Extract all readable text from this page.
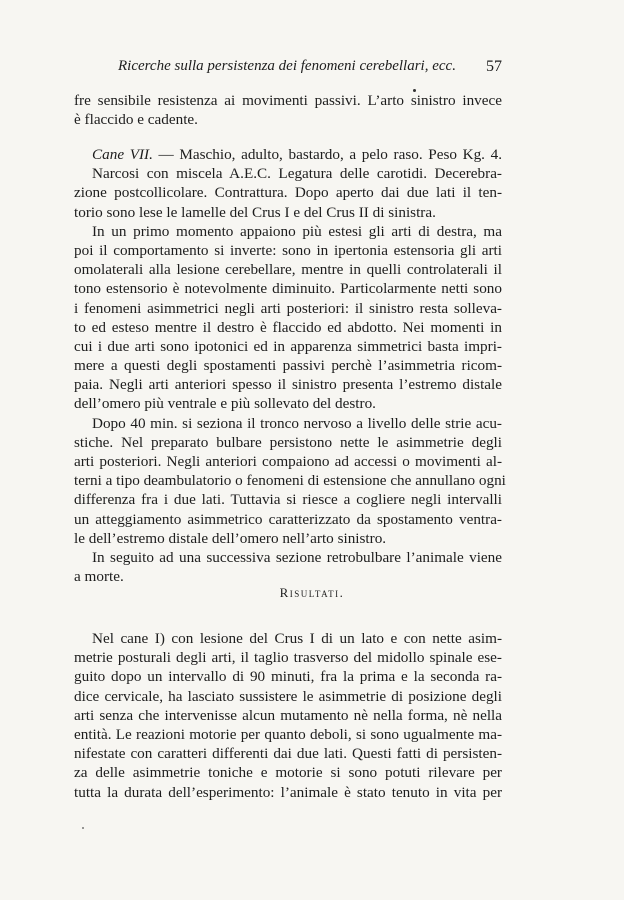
Ricerche sulla persistenza dei fenomeni cerebellari, ecc. 57
fre sensibile resistenza ai movimenti passivi. L’arto sinistro invece
è flaccido e cadente.
Cane VII. — Maschio, adulto, bastardo, a pelo raso. Peso Kg. 4.
Narcosi con miscela A.E.C. Legatura delle carotidi. Decerebra-
zione postcollicolare. Contrattura. Dopo aperto dai due lati il ten-
torio sono lese le lamelle del Crus I e del Crus II di sinistra.
In un primo momento appaiono più estesi gli arti di destra, ma
poi il comportamento si inverte: sono in ipertonia estensoria gli arti
omolaterali alla lesione cerebellare, mentre in quelli controlaterali il
tono estensorio è notevolmente diminuito. Particolarmente netti sono
i fenomeni asimmetrici negli arti posteriori: il sinistro resta solleva-
to ed esteso mentre il destro è flaccido ed abdotto. Nei momenti in
cui i due arti sono ipotonici ed in apparenza simmetrici basta impri-
mere a questi degli spostamenti passivi perchè l’asimmetria ricom-
paia. Negli arti anteriori spesso il sinistro presenta l’estremo distale
dell’omero più ventrale e più sollevato del destro.
Dopo 40 min. si seziona il tronco nervoso a livello delle strie acu-
stiche. Nel preparato bulbare persistono nette le asimmetrie degli
arti posteriori. Negli anteriori compaiono ad accessi o movimenti al-
terni a tipo deambulatorio o fenomeni di estensione che annullano ogni
differenza fra i due lati. Tuttavia si riesce a cogliere negli intervalli
un atteggiamento asimmetrico caratterizzato da spostamento ventra-
le dell’estremo distale dell’omero nell’arto sinistro.
In seguito ad una successiva sezione retrobulbare l’animale viene
a morte.
Risultati.
Nel cane I) con lesione del Crus I di un lato e con nette asim-
metrie posturali degli arti, il taglio trasverso del midollo spinale ese-
guito dopo un intervallo di 90 minuti, fra la prima e la seconda ra-
dice cervicale, ha lasciato sussistere le asimmetrie di posizione degli
arti senza che intervenisse alcun mutamento nè nella forma, nè nella
entità. Le reazioni motorie per quanto deboli, si sono ugualmente ma-
nifestate con caratteri differenti dai due lati. Questi fatti di persisten-
za delle asimmetrie toniche e motorie si sono potuti rilevare per
tutta la durata dell’esperimento: l’animale è stato tenuto in vita per
